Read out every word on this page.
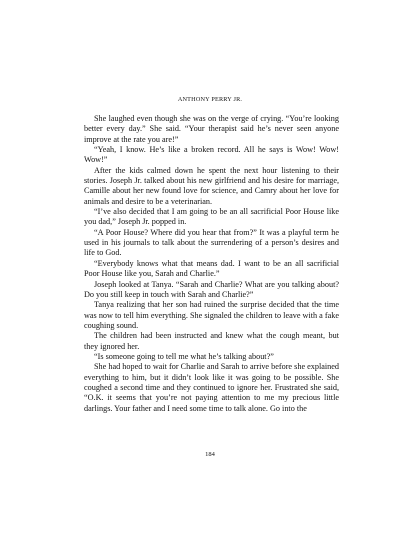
ANTHONY PERRY JR.

She laughed even though she was on the verge of crying. “You’re looking better every day.” She said. “Your therapist said he’s never seen anyone improve at the rate you are!”

“Yeah, I know. He’s like a broken record. All he says is Wow! Wow! Wow!”

After the kids calmed down he spent the next hour listening to their stories. Joseph Jr. talked about his new girlfriend and his desire for marriage, Camille about her new found love for science, and Camry about her love for animals and desire to be a veterinarian.

“I’ve also decided that I am going to be an all sacrificial Poor House like you dad,” Joseph Jr. popped in.

“A Poor House? Where did you hear that from?” It was a playful term he used in his journals to talk about the surrendering of a person’s desires and life to God.

“Everybody knows what that means dad. I want to be an all sacrificial Poor House like you, Sarah and Charlie.”

Joseph looked at Tanya. “Sarah and Charlie? What are you talking about? Do you still keep in touch with Sarah and Charlie?”

Tanya realizing that her son had ruined the surprise decided that the time was now to tell him everything. She signaled the children to leave with a fake coughing sound.

The children had been instructed and knew what the cough meant, but they ignored her.

“Is someone going to tell me what he’s talking about?”

She had hoped to wait for Charlie and Sarah to arrive before she explained everything to him, but it didn’t look like it was going to be possible. She coughed a second time and they continued to ignore her. Frustrated she said, “O.K. it seems that you’re not paying attention to me my precious little darlings. Your father and I need some time to talk alone. Go into the

184
